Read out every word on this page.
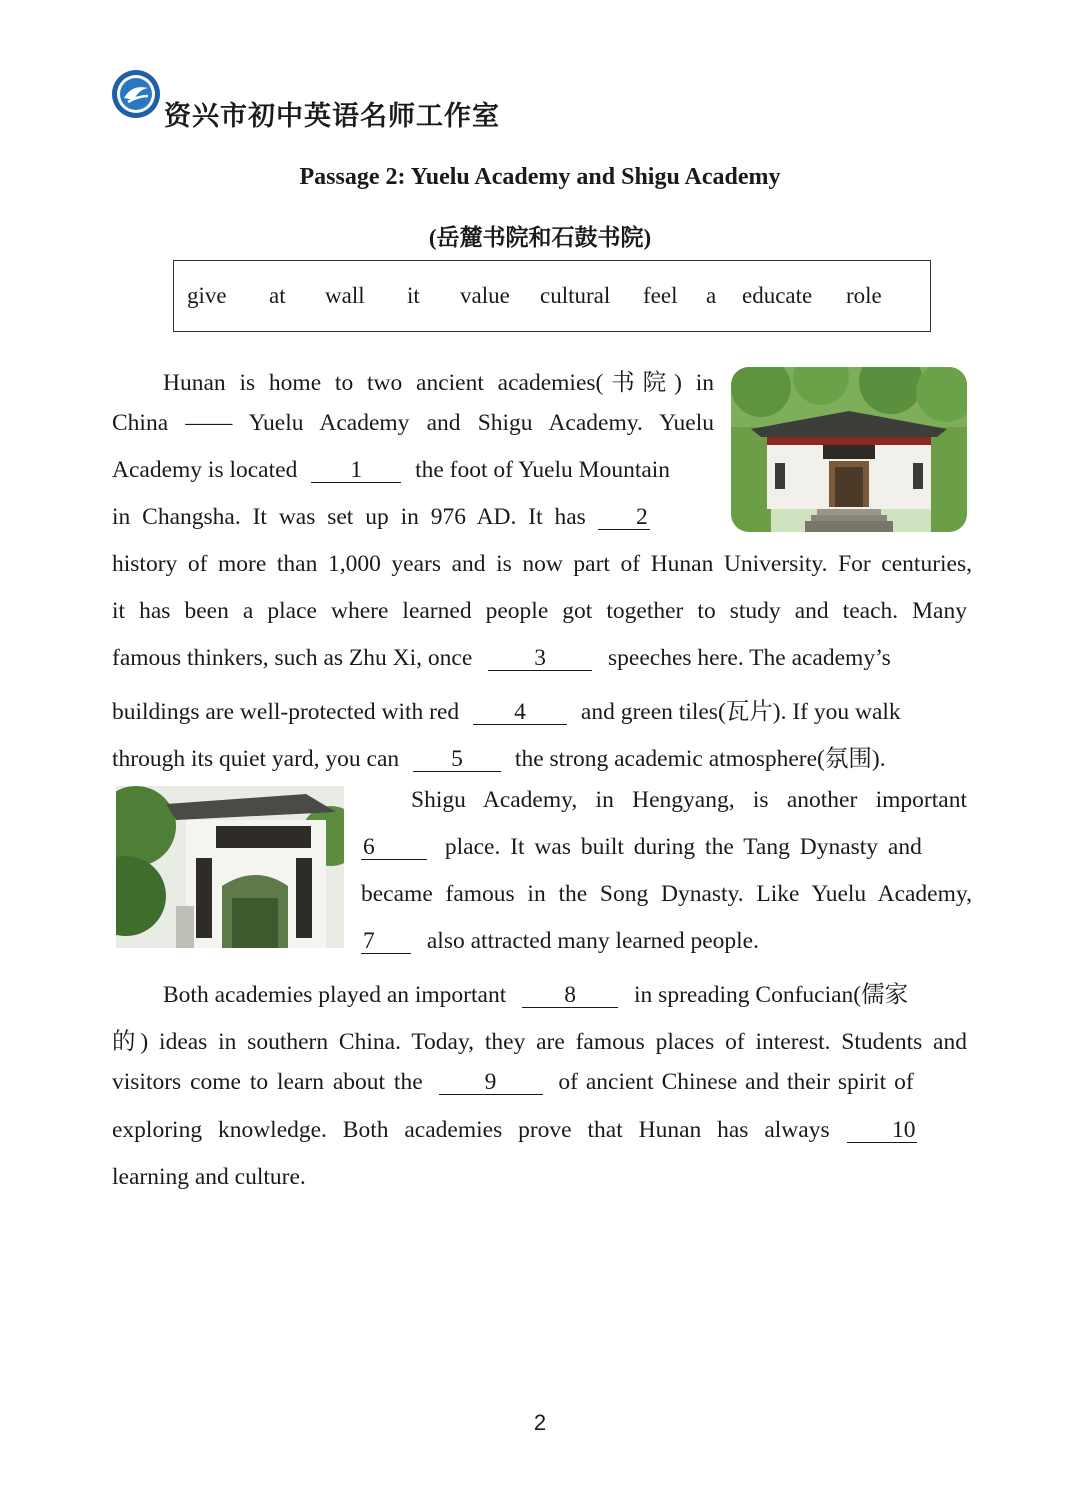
资兴市初中英语名师工作室
Passage 2: Yuelu Academy and Shigu Academy
(岳麓书院和石鼓书院)
give at wall it value cultural feel a educate role
Hunan is home to two ancient academies(书院) in
China —— Yuelu Academy and Shigu Academy. Yuelu
Academy is located 1 the foot of Yuelu Mountain
in Changsha. It was set up in 976 AD. It has 2
history of more than 1,000 years and is now part of Hunan University. For centuries,
it has been a place where learned people got together to study and teach. Many
famous thinkers, such as Zhu Xi, once	3	speeches here. The academy’s
buildings are well-protected with red 4 and green tiles(瓦片). If you walk
through its quiet yard, you can 5 the strong academic atmosphere(氛围).
Shigu Academy, in Hengyang, is another important
6	place. It was built during the Tang Dynasty and
became famous in the Song Dynasty. Like Yuelu Academy,
7 also attracted many learned people.
Both academies played an important 8 in spreading Confucian(儒家
的) ideas in southern China. Today, they are famous places of interest. Students and
visitors come to learn about the	9	of ancient Chinese and their spirit of
exploring knowledge. Both academies prove that Hunan has always	10
learning and culture.
2
